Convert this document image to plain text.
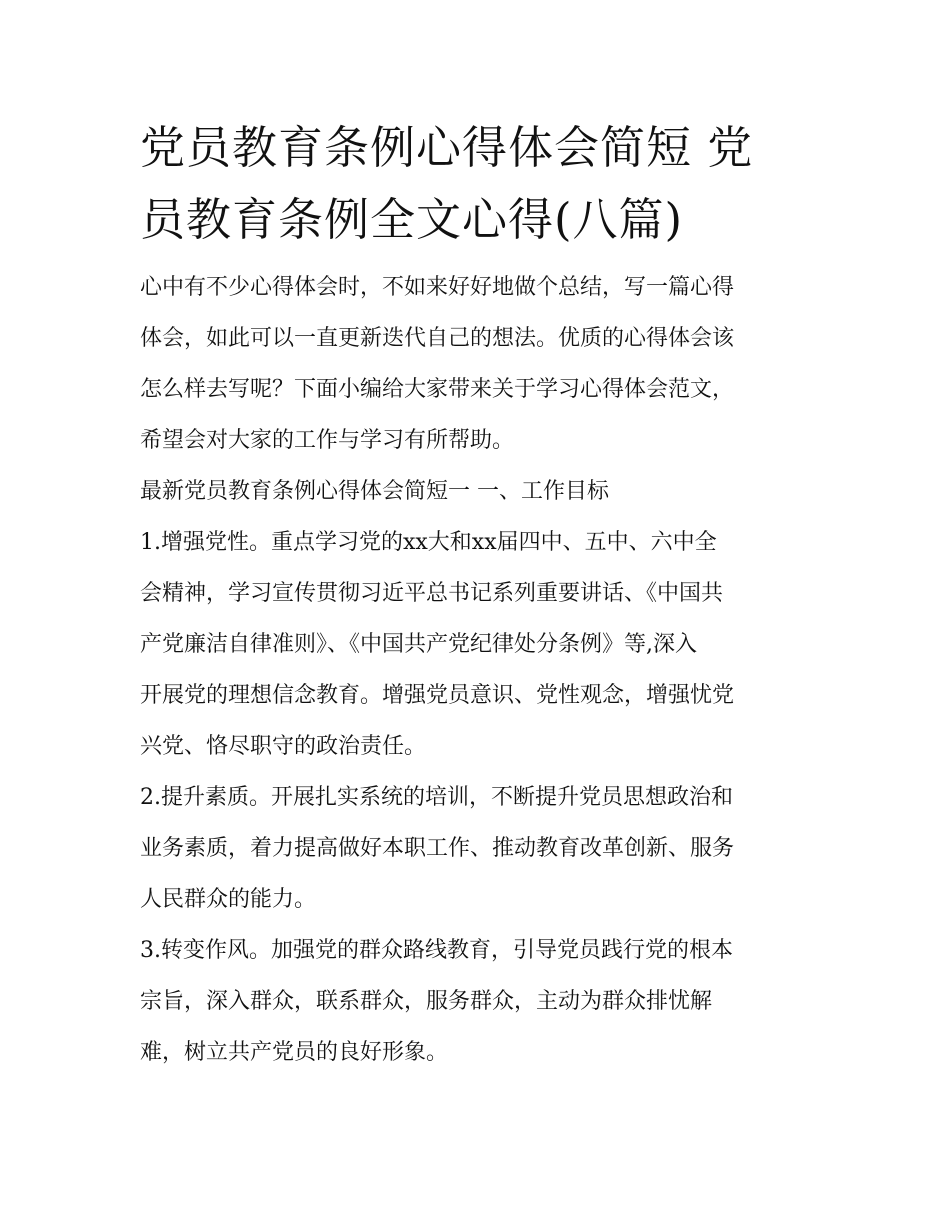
党员教育条例心得体会简短 党
员教育条例全文心得(八篇)

心中有不少心得体会时，不如来好好地做个总结，写一篇心得
体会，如此可以一直更新迭代自己的想法。优质的心得体会该
怎么样去写呢？下面小编给大家带来关于学习心得体会范文，
希望会对大家的工作与学习有所帮助。

最新党员教育条例心得体会简短一 一、工作目标

1.增强党性。重点学习党的xx大和xx届四中、五中、六中全
会精神，学习宣传贯彻习近平总书记系列重要讲话、《中国共
产党廉洁自律准则》、《中国共产党纪律处分条例》等,深入
开展党的理想信念教育。增强党员意识、党性观念，增强忧党
兴党、恪尽职守的政治责任。

2.提升素质。开展扎实系统的培训，不断提升党员思想政治和
业务素质，着力提高做好本职工作、推动教育改革创新、服务
人民群众的能力。

3.转变作风。加强党的群众路线教育，引导党员践行党的根本
宗旨，深入群众，联系群众，服务群众，主动为群众排忧解
难，树立共产党员的良好形象。
